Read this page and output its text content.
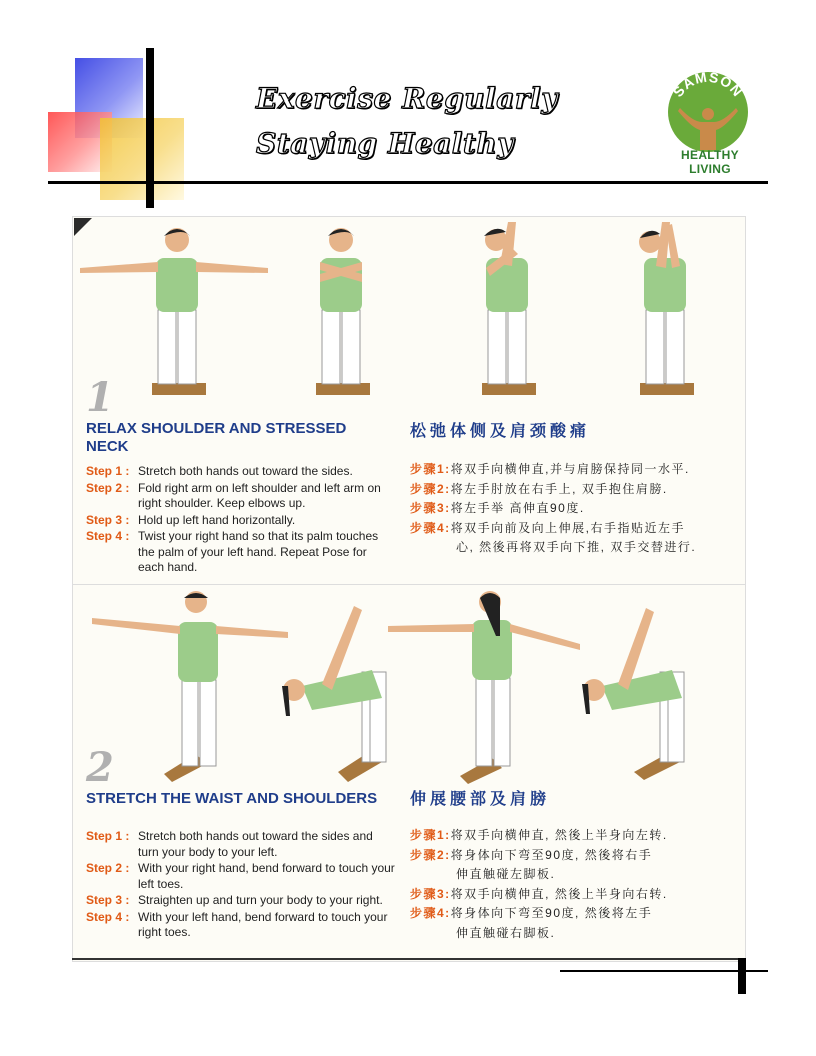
Exercise Regularly
Staying Healthy
SAMSON
HEALTHY LIVING
1
RELAX SHOULDER AND STRESSED
NECK
松弛体侧及肩颈酸痛
Step 1 : Stretch both hands out toward the sides.
Step 2 : Fold right arm on left shoulder and left arm on right shoulder. Keep elbows up.
Step 3 : Hold up left hand horizontally.
Step 4 : Twist your right hand so that its palm touches the palm of your left hand. Repeat Pose for each hand.
步骤1:将双手向横伸直,并与肩膀保持同一水平.
步骤2:将左手肘放在右手上, 双手抱住肩膀.
步骤3:将左手举 高伸直90度.
步骤4:将双手向前及向上伸展,右手指贴近左手
心, 然後再将双手向下推, 双手交替进行.
2
STRETCH THE WAIST AND SHOULDERS	伸展腰部及肩膀
Step 1 : Stretch both hands out toward the sides and turn your body to your left.
Step 2 : With your right hand, bend forward to touch your left toes.
Step 3 : Straighten up and turn your body to your right.
Step 4 : With your left hand, bend forward to touch your right toes.
步骤1:将双手向横伸直, 然後上半身向左转.
步骤2:将身体向下弯至90度, 然後将右手
伸直触碰左脚板.
步骤3:将双手向横伸直, 然後上半身向右转.
步骤4:将身体向下弯至90度, 然後将左手
伸直触碰右脚板.
